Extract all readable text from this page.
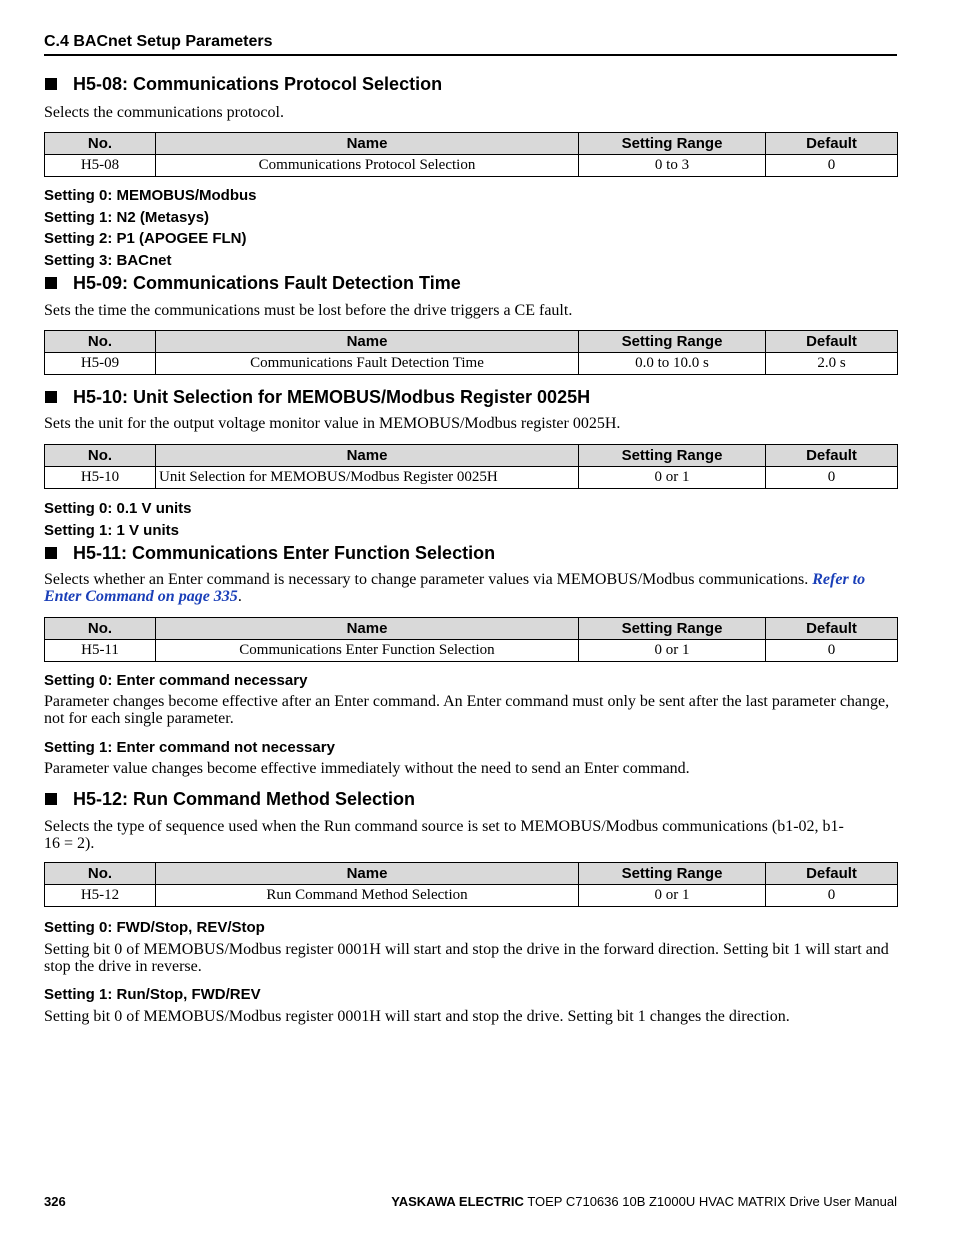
C.4 BACnet Setup Parameters
H5-08: Communications Protocol Selection
Selects the communications protocol.
No.	Name	Setting Range	Default
H5-08	Communications Protocol Selection	0 to 3	0
Setting 0: MEMOBUS/Modbus
Setting 1: N2 (Metasys)
Setting 2: P1 (APOGEE FLN)
Setting 3: BACnet
H5-09: Communications Fault Detection Time
Sets the time the communications must be lost before the drive triggers a CE fault.
No.	Name	Setting Range	Default
H5-09	Communications Fault Detection Time	0.0 to 10.0 s	2.0 s
H5-10: Unit Selection for MEMOBUS/Modbus Register 0025H
Sets the unit for the output voltage monitor value in MEMOBUS/Modbus register 0025H.
No.	Name	Setting Range	Default
H5-10	Unit Selection for MEMOBUS/Modbus Register 0025H	0 or 1	0
Setting 0: 0.1 V units
Setting 1: 1 V units
H5-11: Communications Enter Function Selection
Selects whether an Enter command is necessary to change parameter values via MEMOBUS/Modbus communications. Refer to Enter Command on page 335.
No.	Name	Setting Range	Default
H5-11	Communications Enter Function Selection	0 or 1	0
Setting 0: Enter command necessary
Parameter changes become effective after an Enter command. An Enter command must only be sent after the last parameter change, not for each single parameter.
Setting 1: Enter command not necessary
Parameter value changes become effective immediately without the need to send an Enter command.
H5-12: Run Command Method Selection
Selects the type of sequence used when the Run command source is set to MEMOBUS/Modbus communications (b1-02, b1-16 = 2).
No.	Name	Setting Range	Default
H5-12	Run Command Method Selection	0 or 1	0
Setting 0: FWD/Stop, REV/Stop
Setting bit 0 of MEMOBUS/Modbus register 0001H will start and stop the drive in the forward direction. Setting bit 1 will start and stop the drive in reverse.
Setting 1: Run/Stop, FWD/REV
Setting bit 0 of MEMOBUS/Modbus register 0001H will start and stop the drive. Setting bit 1 changes the direction.
326	YASKAWA ELECTRIC TOEP C710636 10B Z1000U HVAC MATRIX Drive User Manual
